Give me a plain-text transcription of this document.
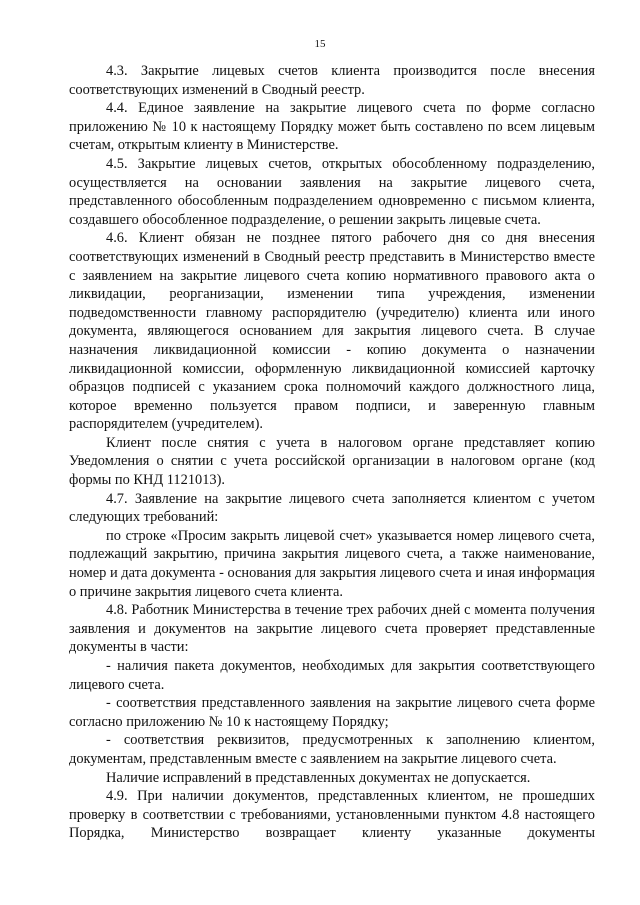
15

4.3. Закрытие лицевых счетов клиента производится после внесения соответствующих изменений в Сводный реестр.

4.4. Единое заявление на закрытие лицевого счета по форме согласно приложению № 10 к настоящему Порядку может быть составлено по всем лицевым счетам, открытым клиенту в Министерстве.

4.5. Закрытие лицевых счетов, открытых обособленному подразделению, осуществляется на основании заявления на закрытие лицевого счета, представленного обособленным подразделением одновременно с письмом клиента, создавшего обособленное подразделение, о решении закрыть лицевые счета.

4.6. Клиент обязан не позднее пятого рабочего дня со дня внесения соответствующих изменений в Сводный реестр представить в Министерство вместе с заявлением на закрытие лицевого счета копию нормативного правового акта о ликвидации, реорганизации, изменении типа учреждения, изменении подведомственности главному распорядителю (учредителю) клиента или иного документа, являющегося основанием для закрытия лицевого счета. В случае назначения ликвидационной комиссии - копию документа о назначении ликвидационной комиссии, оформленную ликвидационной комиссией карточку образцов подписей с указанием срока полномочий каждого должностного лица, которое временно пользуется правом подписи, и заверенную главным распорядителем (учредителем).

Клиент после снятия с учета в налоговом органе представляет копию Уведомления о снятии с учета российской организации в налоговом органе (код формы по КНД 1121013).

4.7. Заявление на закрытие лицевого счета заполняется клиентом с учетом следующих требований:

по строке «Просим закрыть лицевой счет» указывается номер лицевого счета, подлежащий закрытию, причина закрытия лицевого счета, а также наименование, номер и дата документа - основания для закрытия лицевого счета и иная информация о причине закрытия лицевого счета клиента.

4.8. Работник Министерства в течение трех рабочих дней с момента получения заявления и документов на закрытие лицевого счета проверяет представленные документы в части:

- наличия пакета документов, необходимых для закрытия соответствующего лицевого счета.

- соответствия представленного заявления на закрытие лицевого счета форме согласно приложению № 10 к настоящему Порядку;

- соответствия реквизитов, предусмотренных к заполнению клиентом, документам, представленным вместе с заявлением на закрытие лицевого счета.

Наличие исправлений в представленных документах не допускается.

4.9. При наличии документов, представленных клиентом, не прошедших проверку в соответствии с требованиями, установленными пунктом 4.8 настоящего Порядка, Министерство возвращает клиенту указанные документы
